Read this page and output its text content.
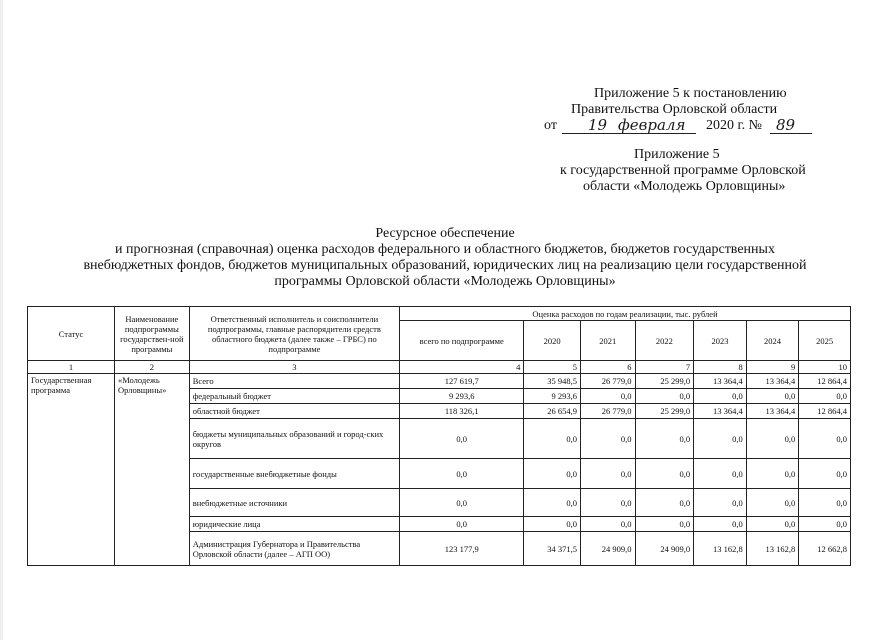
Приложение 5 к постановлению
Правительства Орловской области
от	2020 г. №
19 февраля	89
Приложение 5
к государственной программе Орловской
области «Молодежь Орловщины»
Ресурсное обеспечение
и прогнозная (справочная) оценка расходов федерального и областного бюджетов, бюджетов государственных
внебюджетных фондов, бюджетов муниципальных образований, юридических лиц на реализацию цели государственной
программы Орловской области «Молодежь Орловщины»
Статус	Наименование подпрограммы государствен-ной программы	Ответственный исполнитель и соисполнители подпрограммы, главные распорядители средств областного бюджета (далее также – ГРБС) по подпрограмме	Оценка расходов по годам реализации, тыс. рублей						
			всего по подпрограмме	2020	2021	2022	2023	2024	2025
1	2	3	4	5	6	7	8	9	10
Государственная программа	«Молодежь Орловщины»	Всего	127 619,7	35 948,5	26 779,0	25 299,0	13 364,4	13 364,4	12 864,4
		федеральный бюджет	9 293,6	9 293,6	0,0	0,0	0,0	0,0	0,0
		областной бюджет	118 326,1	26 654,9	26 779,0	25 299,0	13 364,4	13 364,4	12 864,4
		бюджеты муниципальных образований и город-ских округов	0,0	0,0	0,0	0,0	0,0	0,0	0,0
		государственные внебюджетные фонды	0,0	0,0	0,0	0,0	0,0	0,0	0,0
		внебюджетные источники	0,0	0,0	0,0	0,0	0,0	0,0	0,0
		юридические лица	0,0	0,0	0,0	0,0	0,0	0,0	0,0
		Администрация Губернатора и Правительства Орловской области (далее – АГП ОО)	123 177,9	34 371,5	24 909,0	24 909,0	13 162,8	13 162,8	12 662,8
